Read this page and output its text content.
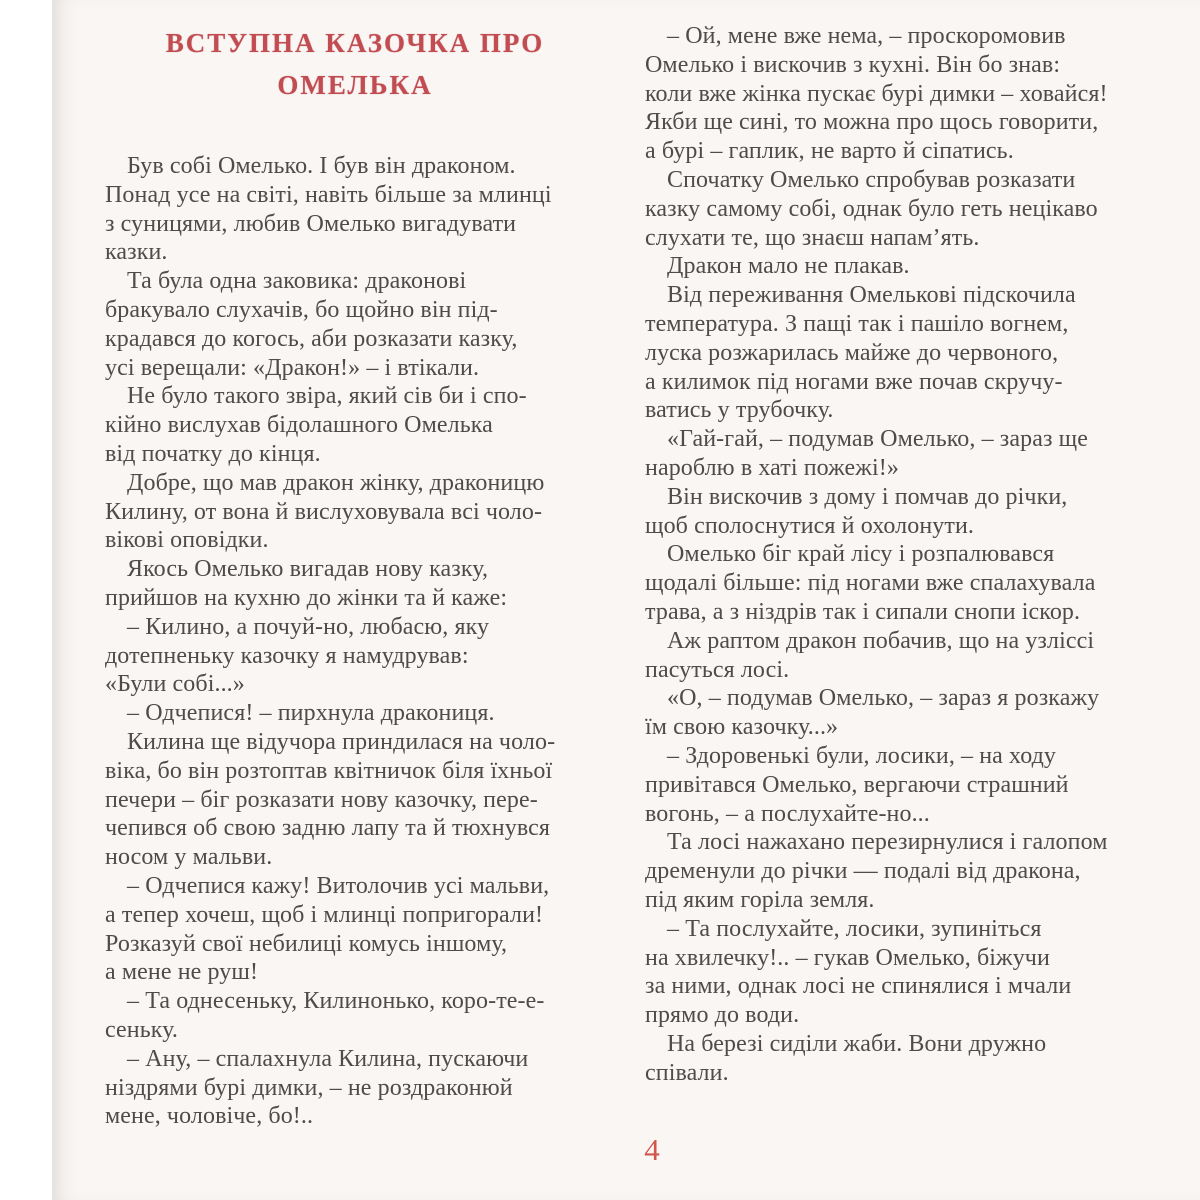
ВСТУПНА КАЗОЧКА ПРО ОМЕЛЬКА

Був собі Омелько. І був він драконом.
Понад усе на світі, навіть більше за млинці
з суницями, любив Омелько вигадувати
казки.

Та була одна заковика: драконові
бракувало слухачів, бо щойно він під-
крадався до когось, аби розказати казку,
усі верещали: «Дракон!» – і втікали.

Не було такого звіра, який сів би і спо-
кійно вислухав бідолашного Омелька
від початку до кінця.

Добре, що мав дракон жінку, драконицю
Килину, от вона й вислуховувала всі чоло-
вікові оповідки.

Якось Омелько вигадав нову казку,
прийшов на кухню до жінки та й каже:

– Килино, а почуй-но, любасю, яку
дотепненьку казочку я намудрував:
«Були собі...»

– Одчепися! – пирхнула дракониця.

Килина ще відучора приндилася на чоло-
віка, бо він розтоптав квітничок біля їхньої
печери – біг розказати нову казочку, пере-
чепився об свою задню лапу та й тюхнувся
носом у мальви.

– Одчепися кажу! Витолочив усі мальви,
а тепер хочеш, щоб і млинці попригорали!
Розказуй свої небилиці комусь іншому,
а мене не руш!

– Та однесеньку, Килинонько, коро-те-е-
сеньку.

– Ану, – спалахнула Килина, пускаючи
ніздрями бурі димки, – не роздраконюй
мене, чоловіче, бо!..

– Ой, мене вже нема, – проскоромовив
Омелько і вискочив з кухні. Він бо знав:
коли вже жінка пускає бурі димки – ховайся!
Якби ще сині, то можна про щось говорити,
а бурі – гаплик, не варто й сіпатись.

Спочатку Омелько спробував розказати
казку самому собі, однак було геть нецікаво
слухати те, що знаєш напам’ять.

Дракон мало не плакав.

Від переживання Омелькові підскочила
температура. З пащі так і пашіло вогнем,
луска розжарилась майже до червоного,
а килимок під ногами вже почав скручу-
ватись у трубочку.

«Гай-гай, – подумав Омелько, – зараз ще
нароблю в хаті пожежі!»

Він вискочив з дому і помчав до річки,
щоб сполоснутися й охолонути.

Омелько біг край лісу і розпалювався
щодалі більше: під ногами вже спалахувала
трава, а з ніздрів так і сипали снопи іскор.

Аж раптом дракон побачив, що на узліссі
пасуться лосі.

«О, – подумав Омелько, – зараз я розкажу
їм свою казочку...»

– Здоровенькі були, лосики, – на ходу
привітався Омелько, вергаючи страшний
вогонь, – а послухайте-но...

Та лосі нажахано перезирнулися і галопом
дременули до річки — подалі від дракона,
під яким горіла земля.

– Та послухайте, лосики, зупиніться
на хвилечку!.. – гукав Омелько, біжучи
за ними, однак лосі не спинялися і мчали
прямо до води.

На березі сиділи жаби. Вони дружно
співали.

4
